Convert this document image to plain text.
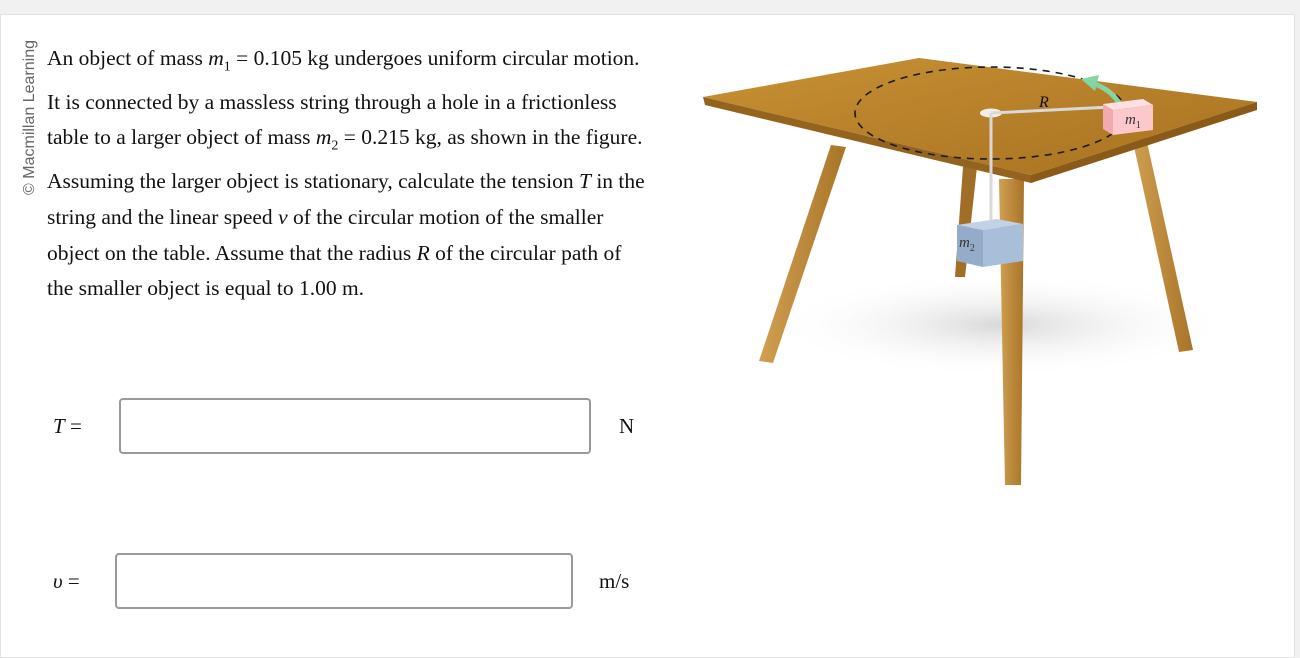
© Macmillan Learning An object of mass $m_1 = 0.105$ kg undergoes uniform circular motion. It is connected by a massless string through a hole in a frictionless table to a larger object of mass $m_2 = 0.215$ kg, as shown in the figure. Assuming the larger object is stationary, calculate the tension T in the string and the linear speed v of the circular motion of the smaller object on the table. Assume that the radius R of the circular path of the smaller object is equal to 1.00 m.

T =	N
υ =	m/s
R
$m_1$
$m_2$
